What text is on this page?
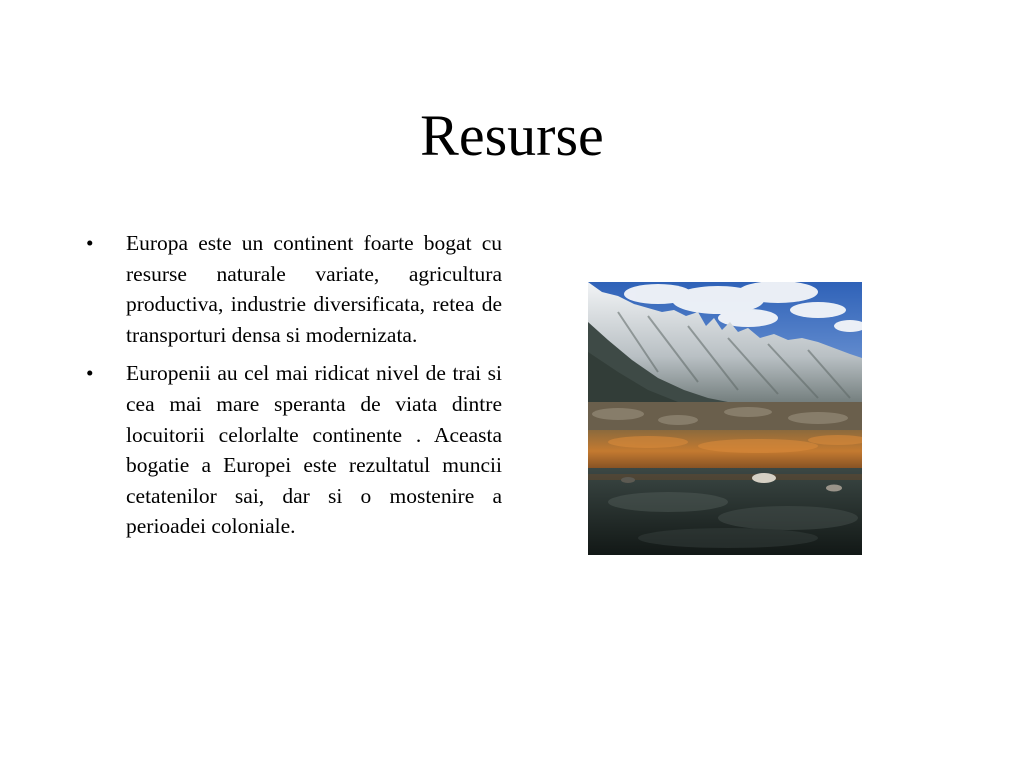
Resurse
• Europa este un continent foarte bogat cu resurse naturale variate, agricultura productiva, industrie diversificata, retea de transporturi densa si modernizata.
• Europenii au cel mai ridicat nivel de trai si cea mai mare speranta de viata dintre locuitorii celorlalte continente . Aceasta bogatie a Europei este rezultatul muncii cetatenilor sai, dar si o mostenire a perioadei coloniale.
